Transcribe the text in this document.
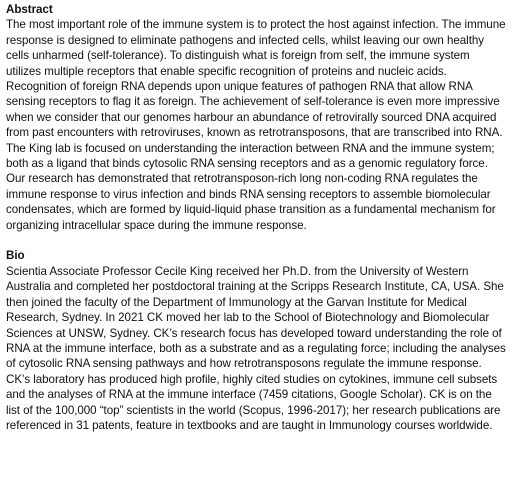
Abstract

The most important role of the immune system is to protect the host against infection. The immune response is designed to eliminate pathogens and infected cells, whilst leaving our own healthy cells unharmed (self-tolerance). To distinguish what is foreign from self, the immune system utilizes multiple receptors that enable specific recognition of proteins and nucleic acids. Recognition of foreign RNA depends upon unique features of pathogen RNA that allow RNA sensing receptors to flag it as foreign. The achievement of self-tolerance is even more impressive when we consider that our genomes harbour an abundance of retrovirally sourced DNA acquired from past encounters with retroviruses, known as retrotransposons, that are transcribed into RNA. The King lab is focused on understanding the interaction between RNA and the immune system; both as a ligand that binds cytosolic RNA sensing receptors and as a genomic regulatory force. Our research has demonstrated that retrotransposon-rich long non-coding RNA regulates the immune response to virus infection and binds RNA sensing receptors to assemble biomolecular condensates, which are formed by liquid-liquid phase transition as a fundamental mechanism for organizing intracellular space during the immune response.

Bio

Scientia Associate Professor Cecile King received her Ph.D. from the University of Western Australia and completed her postdoctoral training at the Scripps Research Institute, CA, USA. She then joined the faculty of the Department of Immunology at the Garvan Institute for Medical Research, Sydney. In 2021 CK moved her lab to the School of Biotechnology and Biomolecular Sciences at UNSW, Sydney. CK’s research focus has developed toward understanding the role of RNA at the immune interface, both as a substrate and as a regulating force; including the analyses of cytosolic RNA sensing pathways and how retrotransposons regulate the immune response. CK’s laboratory has produced high profile, highly cited studies on cytokines, immune cell subsets and the analyses of RNA at the immune interface (7459 citations, Google Scholar). CK is on the list of the 100,000 “top” scientists in the world (Scopus, 1996-2017); her research publications are referenced in 31 patents, feature in textbooks and are taught in Immunology courses worldwide.
